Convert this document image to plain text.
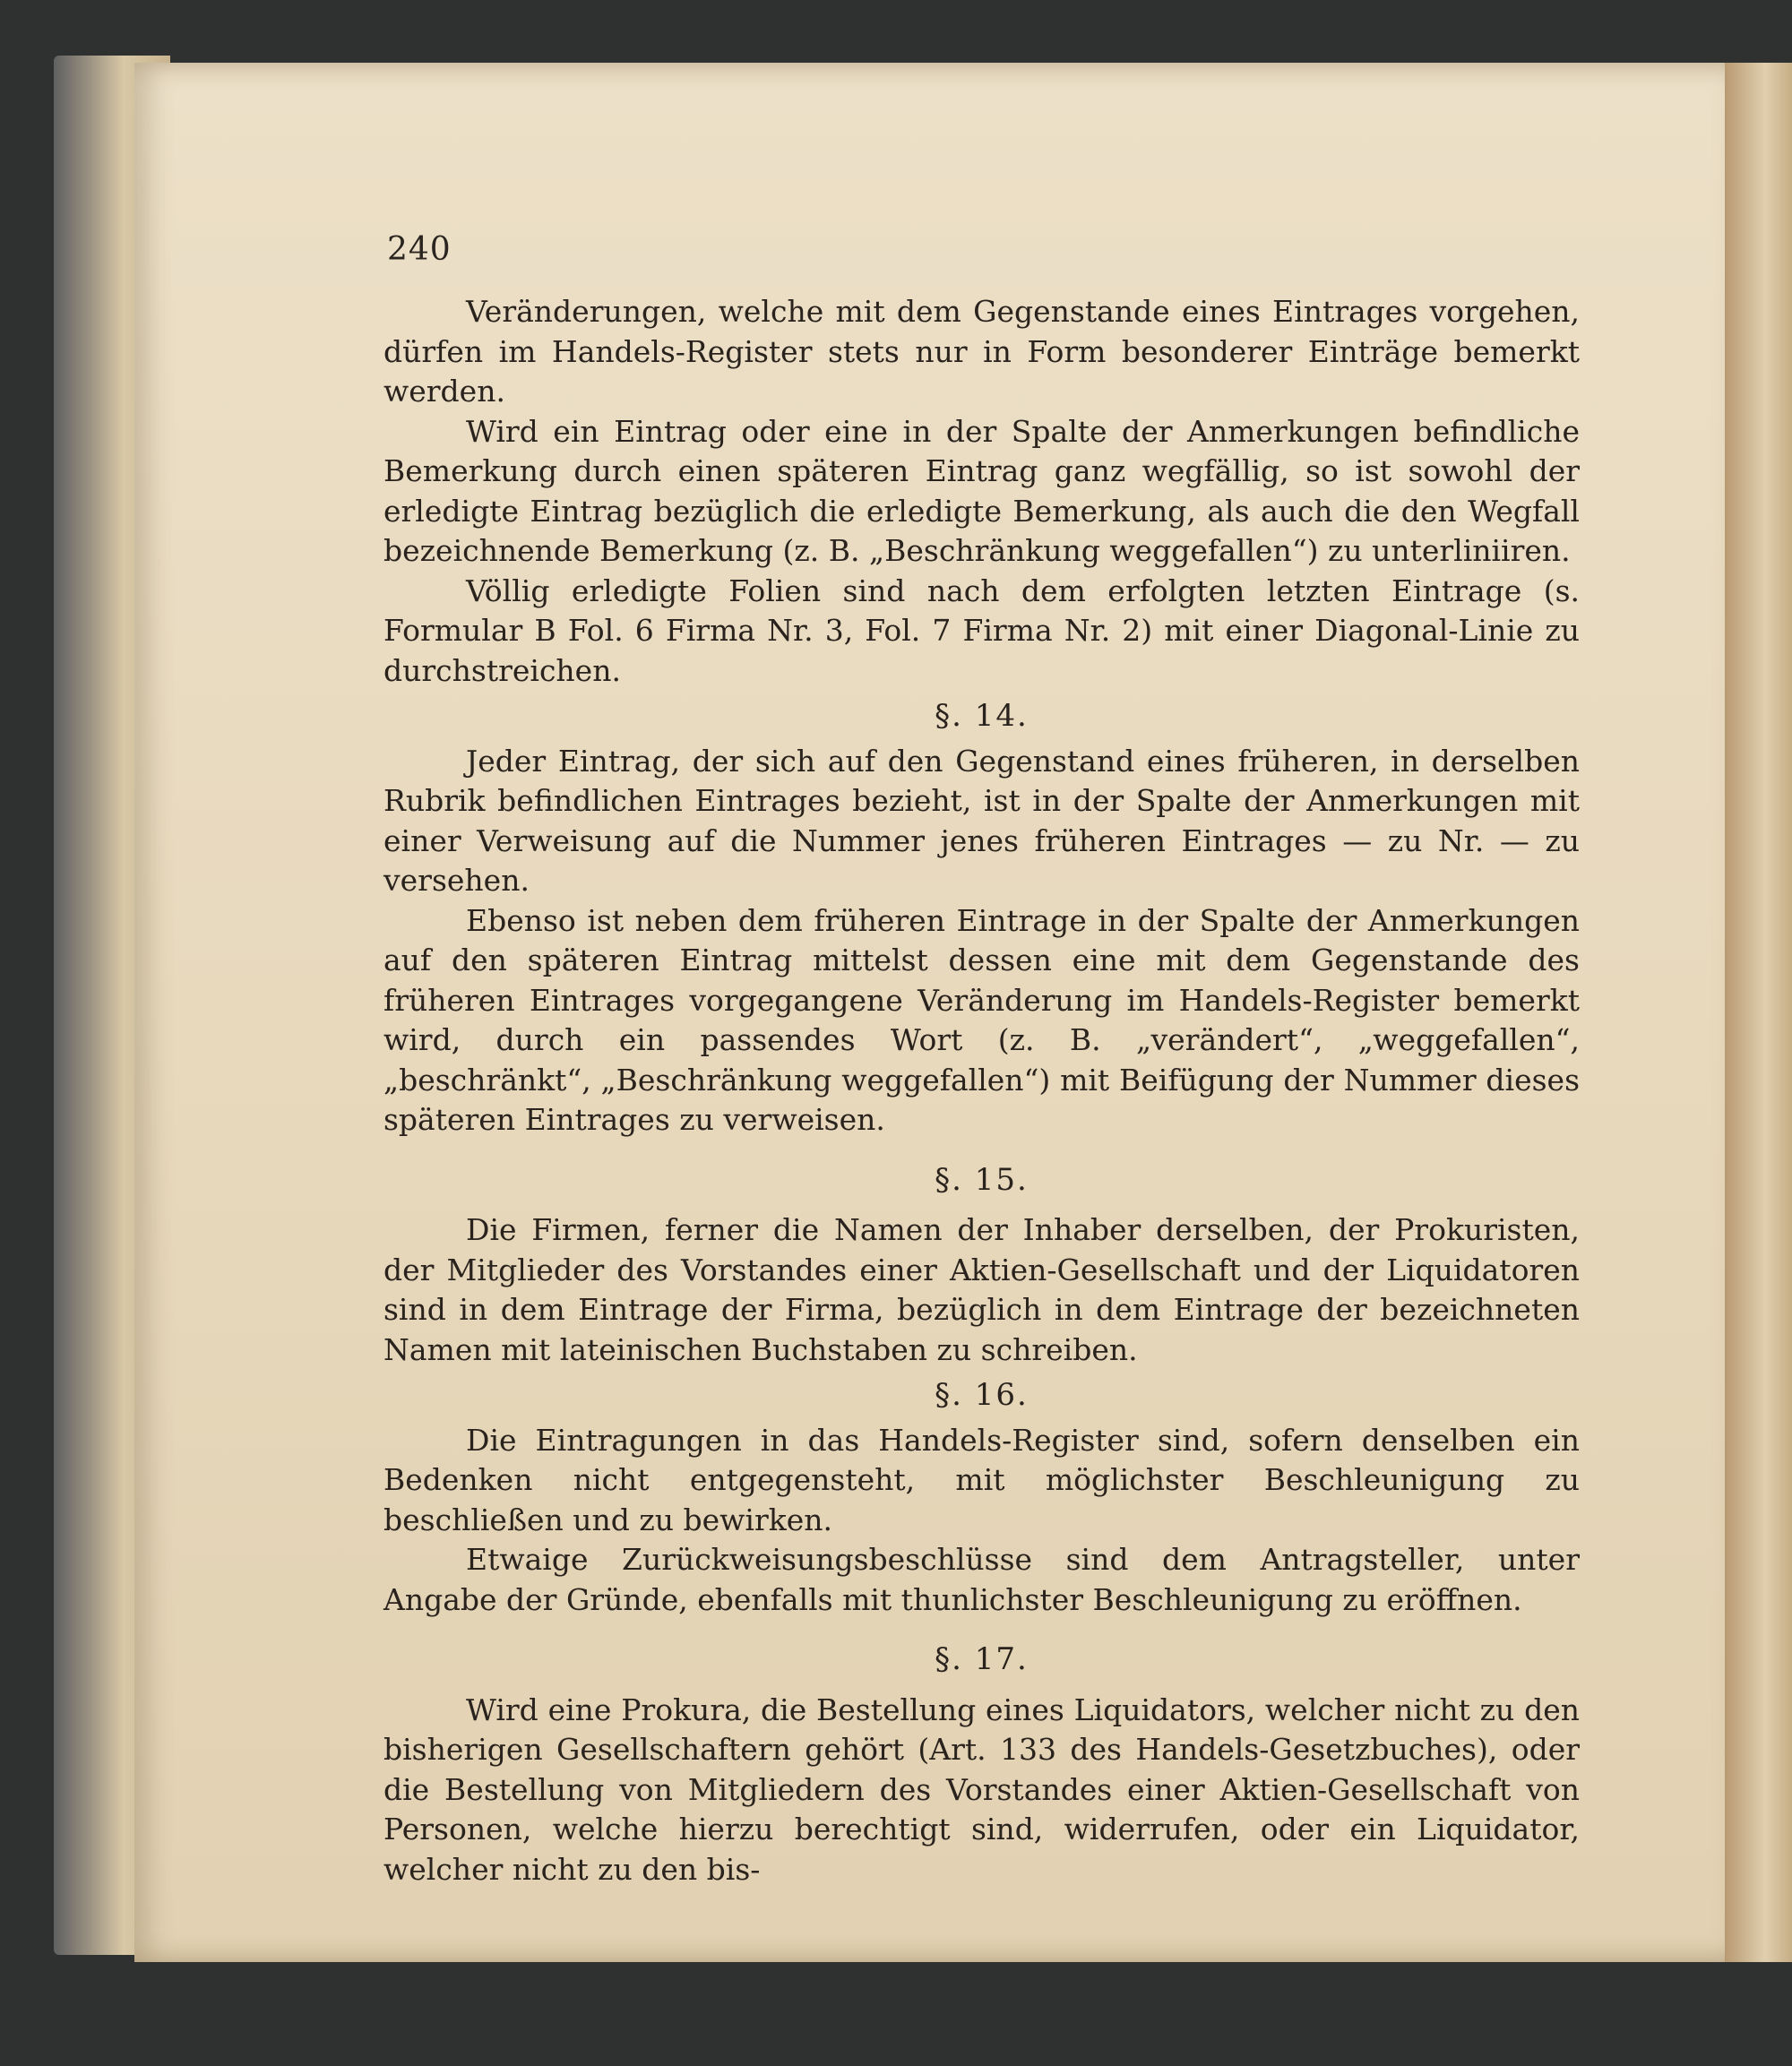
240

Veränderungen, welche mit dem Gegenstande eines Eintrages vorgehen, dürfen im Handels-Register stets nur in Form besonderer Einträge bemerkt werden.

Wird ein Eintrag oder eine in der Spalte der Anmerkungen befindliche Bemerkung durch einen späteren Eintrag ganz wegfällig, so ist sowohl der erledigte Eintrag bezüglich die erledigte Bemerkung, als auch die den Wegfall bezeichnende Bemerkung (z. B. „Beschränkung weggefallen“) zu unterliniiren.

Völlig erledigte Folien sind nach dem erfolgten letzten Eintrage (s. Formular B Fol. 6 Firma Nr. 3, Fol. 7 Firma Nr. 2) mit einer Diagonal-Linie zu durchstreichen.

§. 14.

Jeder Eintrag, der sich auf den Gegenstand eines früheren, in derselben Rubrik befindlichen Eintrages bezieht, ist in der Spalte der Anmerkungen mit einer Verweisung auf die Nummer jenes früheren Eintrages — zu Nr. — zu versehen.

Ebenso ist neben dem früheren Eintrage in der Spalte der Anmerkungen auf den späteren Eintrag mittelst dessen eine mit dem Gegenstande des früheren Eintrages vorgegangene Veränderung im Handels-Register bemerkt wird, durch ein passendes Wort (z. B. „verändert“, „weggefallen“, „beschränkt“, „Beschränkung weggefallen“) mit Beifügung der Nummer dieses späteren Eintrages zu verweisen.

§. 15.

Die Firmen, ferner die Namen der Inhaber derselben, der Prokuristen, der Mitglieder des Vorstandes einer Aktien-Gesellschaft und der Liquidatoren sind in dem Eintrage der Firma, bezüglich in dem Eintrage der bezeichneten Namen mit lateinischen Buchstaben zu schreiben.

§. 16.

Die Eintragungen in das Handels-Register sind, sofern denselben ein Bedenken nicht entgegensteht, mit möglichster Beschleunigung zu beschließen und zu bewirken.

Etwaige Zurückweisungsbeschlüsse sind dem Antragsteller, unter Angabe der Gründe, ebenfalls mit thunlichster Beschleunigung zu eröffnen.

§. 17.

Wird eine Prokura, die Bestellung eines Liquidators, welcher nicht zu den bisherigen Gesellschaftern gehört (Art. 133 des Handels-Gesetzbuches), oder die Bestellung von Mitgliedern des Vorstandes einer Aktien-Gesellschaft von Personen, welche hierzu berechtigt sind, widerrufen, oder ein Liquidator, welcher nicht zu den bis-
